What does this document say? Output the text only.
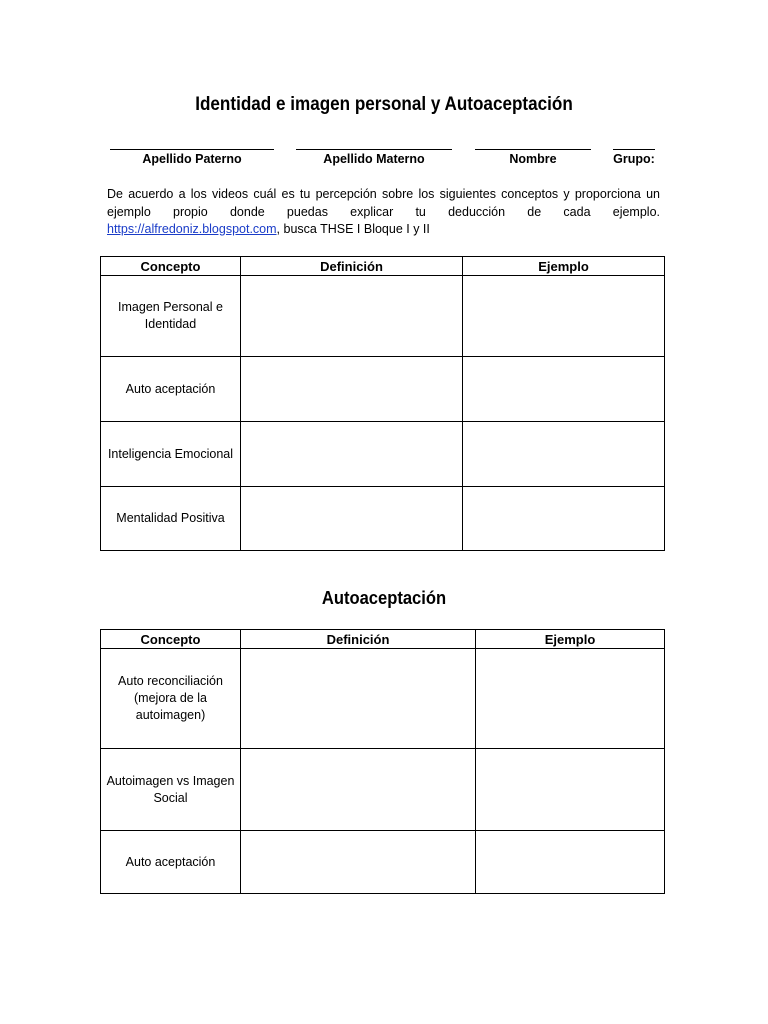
Identidad e imagen personal y Autoaceptación
Apellido Paterno	Apellido Materno	Nombre	Grupo:
De acuerdo a los videos cuál es tu percepción sobre los siguientes conceptos y proporciona un ejemplo propio donde puedas explicar tu deducción de cada ejemplo. https://alfredoniz.blogspot.com, busca THSE I Bloque I y II
Concepto	Definición	Ejemplo
Imagen Personal e Identidad		
Auto aceptación		
Inteligencia Emocional		
Mentalidad Positiva		
Autoaceptación
Concepto	Definición	Ejemplo
Auto reconciliación (mejora de la autoimagen)		
Autoimagen vs Imagen Social		
Auto aceptación		
